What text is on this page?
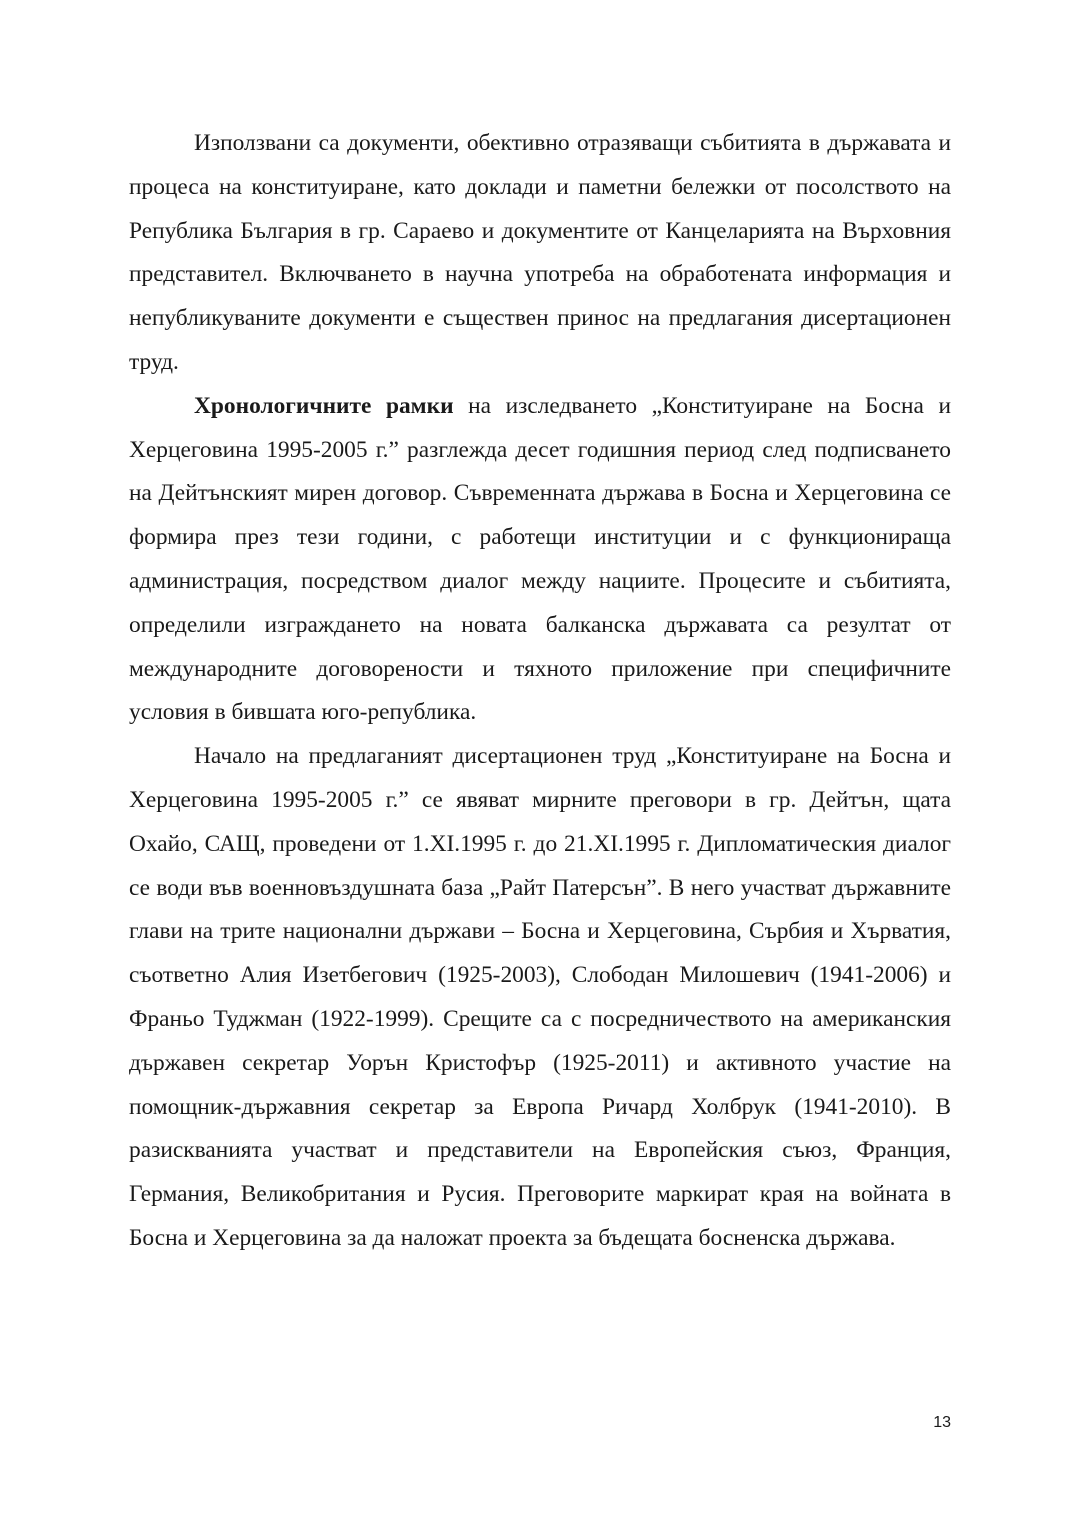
Използвани са документи, обективно отразяващи събитията в държавата и процеса на конституиране, като доклади и паметни бележки от посолството на Република България в гр. Сараево и документите от Канцеларията на Върховния представител. Включването в научна употреба на обработената информация и непубликуваните документи е съществен принос на предлагания дисертационен труд.

Хронологичните рамки на изследването „Конституиране на Босна и Херцеговина 1995-2005 г.” разглежда десет годишния период след подписването на Дейтънският мирен договор. Съвременната държава в Босна и Херцеговина се формира през тези години, с работещи институции и с функционираща администрация, посредством диалог между нациите. Процесите и събитията, определили изграждането на новата балканска държавата са резултат от международните договорености и тяхното приложение при специфичните условия в бившата юго-република.

Начало на предлаганият дисертационен труд „Конституиране на Босна и Херцеговина 1995-2005 г.” се явяват мирните преговори в гр. Дейтън, щата Охайо, САЩ, проведени от 1.XI.1995 г. до 21.XI.1995 г. Дипломатическия диалог се води във военновъздушната база „Райт Патерсън”. В него участват държавните глави на трите национални държави – Босна и Херцеговина, Сърбия и Хърватия, съответно Алия Изетбегович (1925-2003), Слободан Милошевич (1941-2006) и Франьо Туджман (1922-1999). Срещите са с посредничеството на американския държавен секретар Уорън Кристофър (1925-2011) и активното участие на помощник-държавния секретар за Европа Ричард Холбрук (1941-2010). В разискванията участват и представители на Европейския съюз, Франция, Германия, Великобритания и Русия. Преговорите маркират края на войната в Босна и Херцеговина за да наложат проекта за бъдещата босненска държава.

13
